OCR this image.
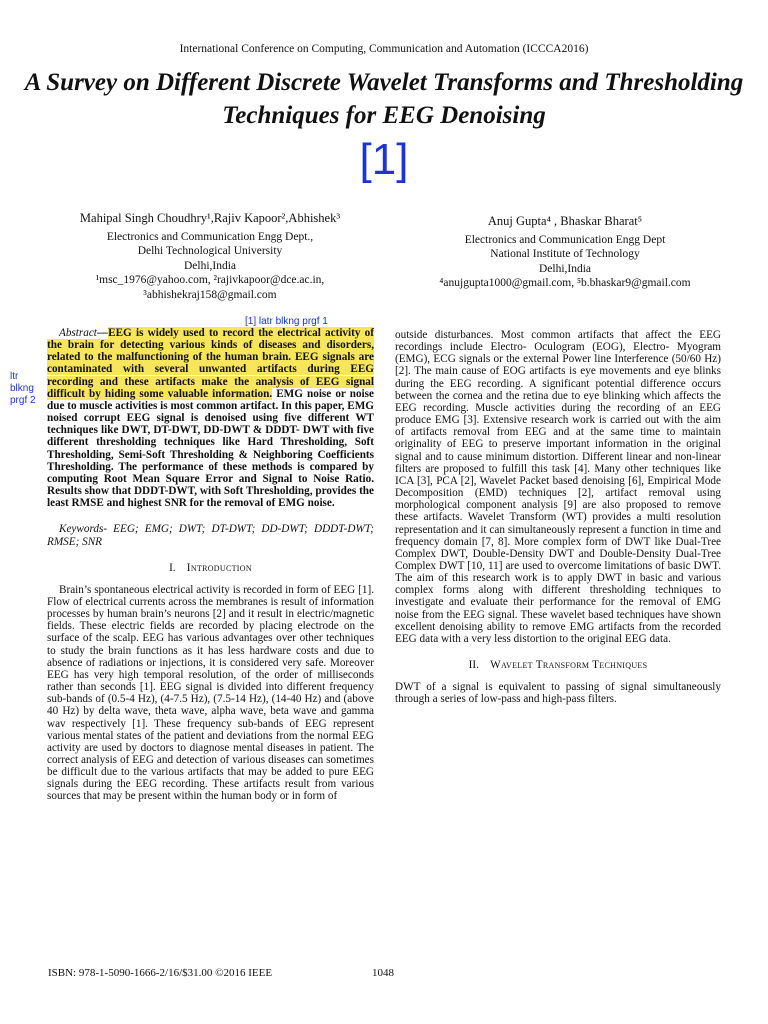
International Conference on Computing, Communication and Automation (ICCCA2016)
A Survey on Different Discrete Wavelet Transforms and Thresholding Techniques for EEG Denoising
[1]
Mahipal Singh Choudhry¹,Rajiv Kapoor²,Abhishek³
Electronics and Communication Engg Dept.,
Delhi Technological University
Delhi,India
¹msc_1976@yahoo.com, ²rajivkapoor@dce.ac.in,
³abhishekraj158@gmail.com
Anuj Gupta⁴ , Bhaskar Bharat⁵
Electronics and Communication Engg Dept
National Institute of Technology
Delhi,India
⁴anujgupta1000@gmail.com, ⁵b.bhaskar9@gmail.com
[1] latr blkng prgf 1
ltr blkng prgf 2

Abstract—EEG is widely used to record the electrical activity of the brain for detecting various kinds of diseases and disorders, related to the malfunctioning of the human brain. EEG signals are contaminated with several unwanted artifacts during EEG recording and these artifacts make the analysis of EEG signal difficult by hiding some valuable information. EMG noise or noise due to muscle activities is most common artifact. In this paper, EMG noised corrupt EEG signal is denoised using five different WT techniques like DWT, DT-DWT, DD-DWT & DDDT- DWT with five different thresholding techniques like Hard Thresholding, Soft Thresholding, Semi-Soft Thresholding & Neighboring Coefficients Thresholding. The performance of these methods is compared by computing Root Mean Square Error and Signal to Noise Ratio. Results show that DDDT-DWT, with Soft Thresholding, provides the least RMSE and highest SNR for the removal of EMG noise.

Keywords- EEG; EMG; DWT; DT-DWT; DD-DWT; DDDT-DWT; RMSE; SNR

I. Introduction

Brain’s spontaneous electrical activity is recorded in form of EEG [1]. Flow of electrical currents across the membranes is result of information processes by human brain’s neurons [2] and it result in electric/magnetic fields. These electric fields are recorded by placing electrode on the surface of the scalp. EEG has various advantages over other techniques to study the brain functions as it has less hardware costs and due to absence of radiations or injections, it is considered very safe. Moreover EEG has very high temporal resolution, of the order of milliseconds rather than seconds [1]. EEG signal is divided into different frequency sub-bands of (0.5-4 Hz), (4-7.5 Hz), (7.5-14 Hz), (14-40 Hz) and (above 40 Hz) by delta wave, theta wave, alpha wave, beta wave and gamma wav respectively [1]. These frequency sub-bands of EEG represent various mental states of the patient and deviations from the normal EEG activity are used by doctors to diagnose mental diseases in patient. The correct analysis of EEG and detection of various diseases can sometimes be difficult due to the various artifacts that may be added to pure EEG signals during the EEG recording. These artifacts result from various sources that may be present within the human body or in form of

outside disturbances. Most common artifacts that affect the EEG recordings include Electro- Oculogram (EOG), Electro- Myogram (EMG), ECG signals or the external Power line Interference (50/60 Hz) [2]. The main cause of EOG artifacts is eye movements and eye blinks during the EEG recording. A significant potential difference occurs between the cornea and the retina due to eye blinking which affects the EEG recording. Muscle activities during the recording of an EEG produce EMG [3]. Extensive research work is carried out with the aim of artifacts removal from EEG and at the same time to maintain originality of EEG to preserve important information in the original signal and to cause minimum distortion. Different linear and non-linear filters are proposed to fulfill this task [4]. Many other techniques like ICA [3], PCA [2], Wavelet Packet based denoising [6], Empirical Mode Decomposition (EMD) techniques [2], artifact removal using morphological component analysis [9] are also proposed to remove these artifacts. Wavelet Transform (WT) provides a multi resolution representation and it can simultaneously represent a function in time and frequency domain [7, 8]. More complex form of DWT like Dual-Tree Complex DWT, Double-Density DWT and Double-Density Dual-Tree Complex DWT [10, 11] are used to overcome limitations of basic DWT. The aim of this research work is to apply DWT in basic and various complex forms along with different thresholding techniques to investigate and evaluate their performance for the removal of EMG noise from the EEG signal. These wavelet based techniques have shown excellent denoising ability to remove EMG artifacts from the recorded EEG data with a very less distortion to the original EEG data.

II. Wavelet Transform Techniques

DWT of a signal is equivalent to passing of signal simultaneously through a series of low-pass and high-pass filters.

ISBN: 978-1-5090-1666-2/16/$31.00 ©2016 IEEE	1048
